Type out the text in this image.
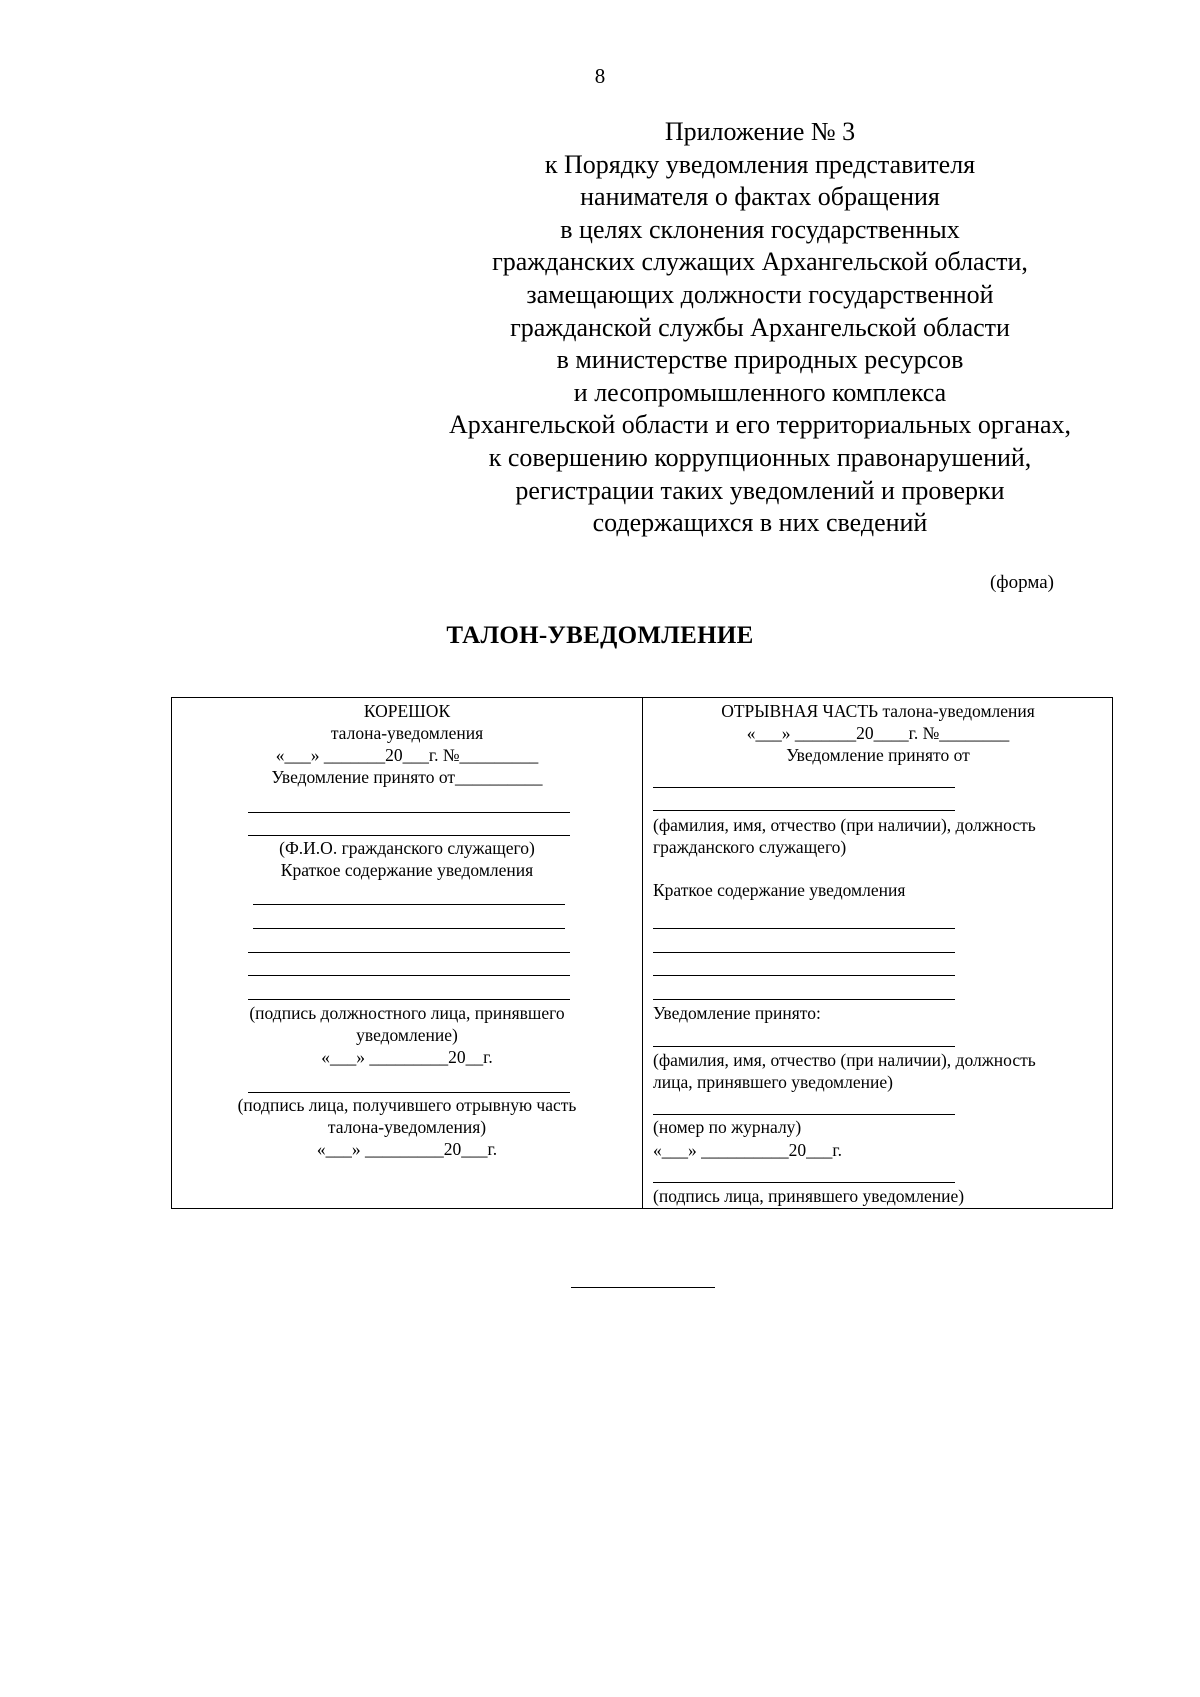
8
Приложение № 3
к Порядку уведомления представителя
нанимателя о фактах обращения
в целях склонения государственных
гражданских служащих Архангельской области,
замещающих должности государственной
гражданской службы Архангельской области
в министерстве природных ресурсов
и лесопромышленного комплекса
Архангельской области и его территориальных органах,
к совершению коррупционных правонарушений,
регистрации таких уведомлений и проверки
содержащихся в них сведений
(форма)
ТАЛОН-УВЕДОМЛЕНИЕ
КОРЕШОК
талона-уведомления
«___» _______20___г. №_________
Уведомление принято от__________
(Ф.И.О. гражданского служащего)
Краткое содержание уведомления
(подпись должностного лица, принявшего
уведомление)
«___» _________20__г.
(подпись лица, получившего отрывную часть
талона-уведомления)
«___» _________20___г.
ОТРЫВНАЯ ЧАСТЬ талона-уведомления
«___» _______20____г. №________
Уведомление принято от
(фамилия, имя, отчество (при наличии), должность
гражданского служащего)
Краткое содержание уведомления
Уведомление принято:
(фамилия, имя, отчество (при наличии), должность
лица, принявшего уведомление)
(номер по журналу)
«___» __________20___г.
(подпись лица, принявшего уведомление)
